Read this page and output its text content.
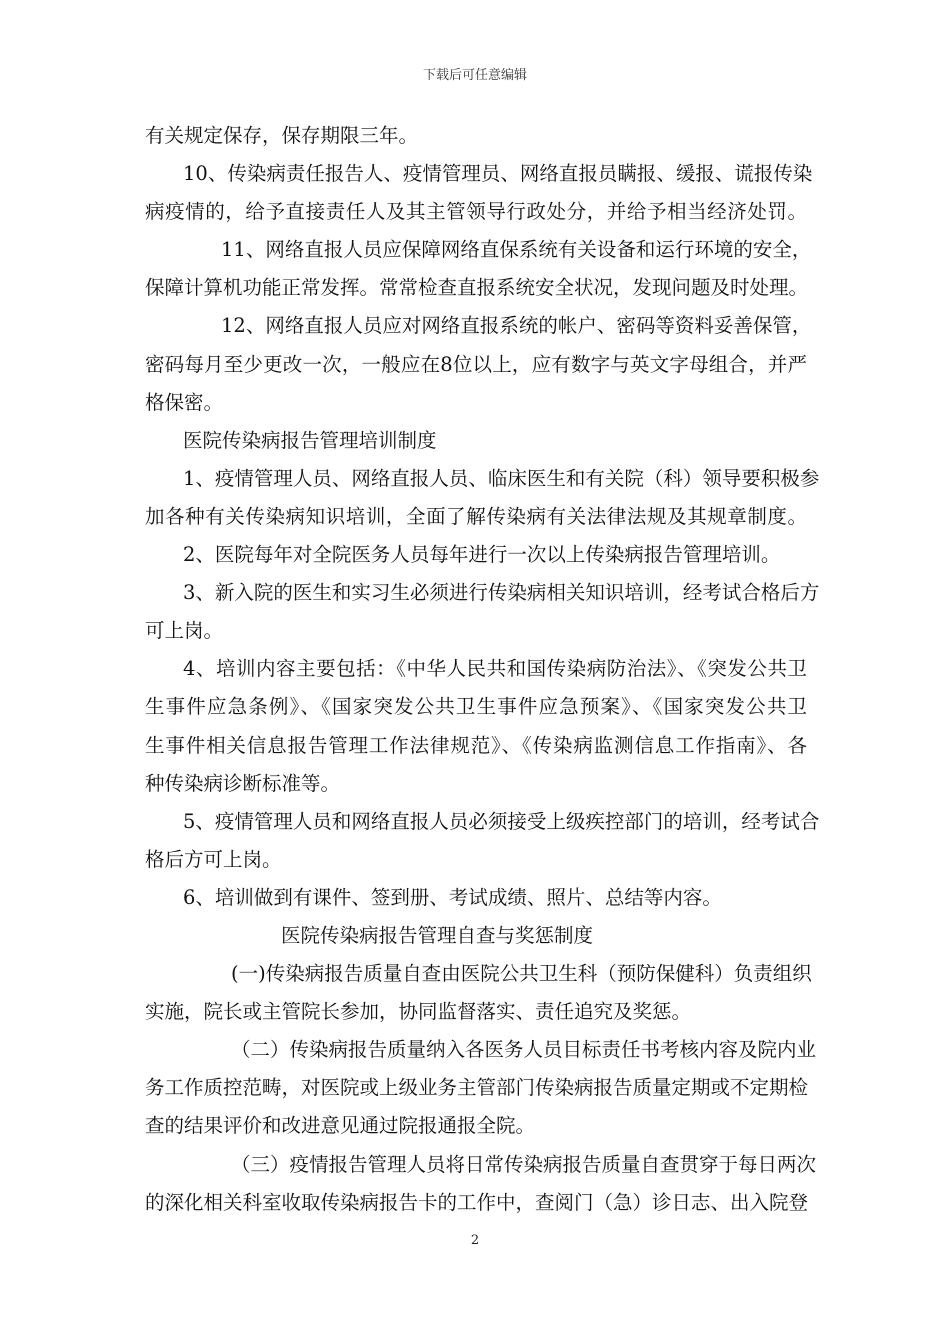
下载后可任意编辑
有关规定保存，保存期限三年。
10、传染病责任报告人、疫情管理员、网络直报员瞒报、缓报、谎报传染
病疫情的，给予直接责任人及其主管领导行政处分，并给予相当经济处罚。
11、网络直报人员应保障网络直保系统有关设备和运行环境的安全，
保障计算机功能正常发挥。常常检查直报系统安全状况，发现问题及时处理。
12、网络直报人员应对网络直报系统的帐户、密码等资料妥善保管，
密码每月至少更改一次，一般应在8位以上，应有数字与英文字母组合，并严
格保密。
医院传染病报告管理培训制度
1、疫情管理人员、网络直报人员、临床医生和有关院（科）领导要积极参
加各种有关传染病知识培训，全面了解传染病有关法律法规及其规章制度。
2、医院每年对全院医务人员每年进行一次以上传染病报告管理培训。
3、新入院的医生和实习生必须进行传染病相关知识培训，经考试合格后方
可上岗。
4、培训内容主要包括：《中华人民共和国传染病防治法》、《突发公共卫
生事件应急条例》、《国家突发公共卫生事件应急预案》、《国家突发公共卫
生事件相关信息报告管理工作法律规范》、《传染病监测信息工作指南》、各
种传染病诊断标准等。
5、疫情管理人员和网络直报人员必须接受上级疾控部门的培训，经考试合
格后方可上岗。
6、培训做到有课件、签到册、考试成绩、照片、总结等内容。
医院传染病报告管理自查与奖惩制度
(一)传染病报告质量自查由医院公共卫生科（预防保健科）负责组织
实施，院长或主管院长参加，协同监督落实、责任追究及奖惩。
（二）传染病报告质量纳入各医务人员目标责任书考核内容及院内业
务工作质控范畴，对医院或上级业务主管部门传染病报告质量定期或不定期检
查的结果评价和改进意见通过院报通报全院。
（三）疫情报告管理人员将日常传染病报告质量自查贯穿于每日两次
的深化相关科室收取传染病报告卡的工作中，查阅门（急）诊日志、出入院登
2
